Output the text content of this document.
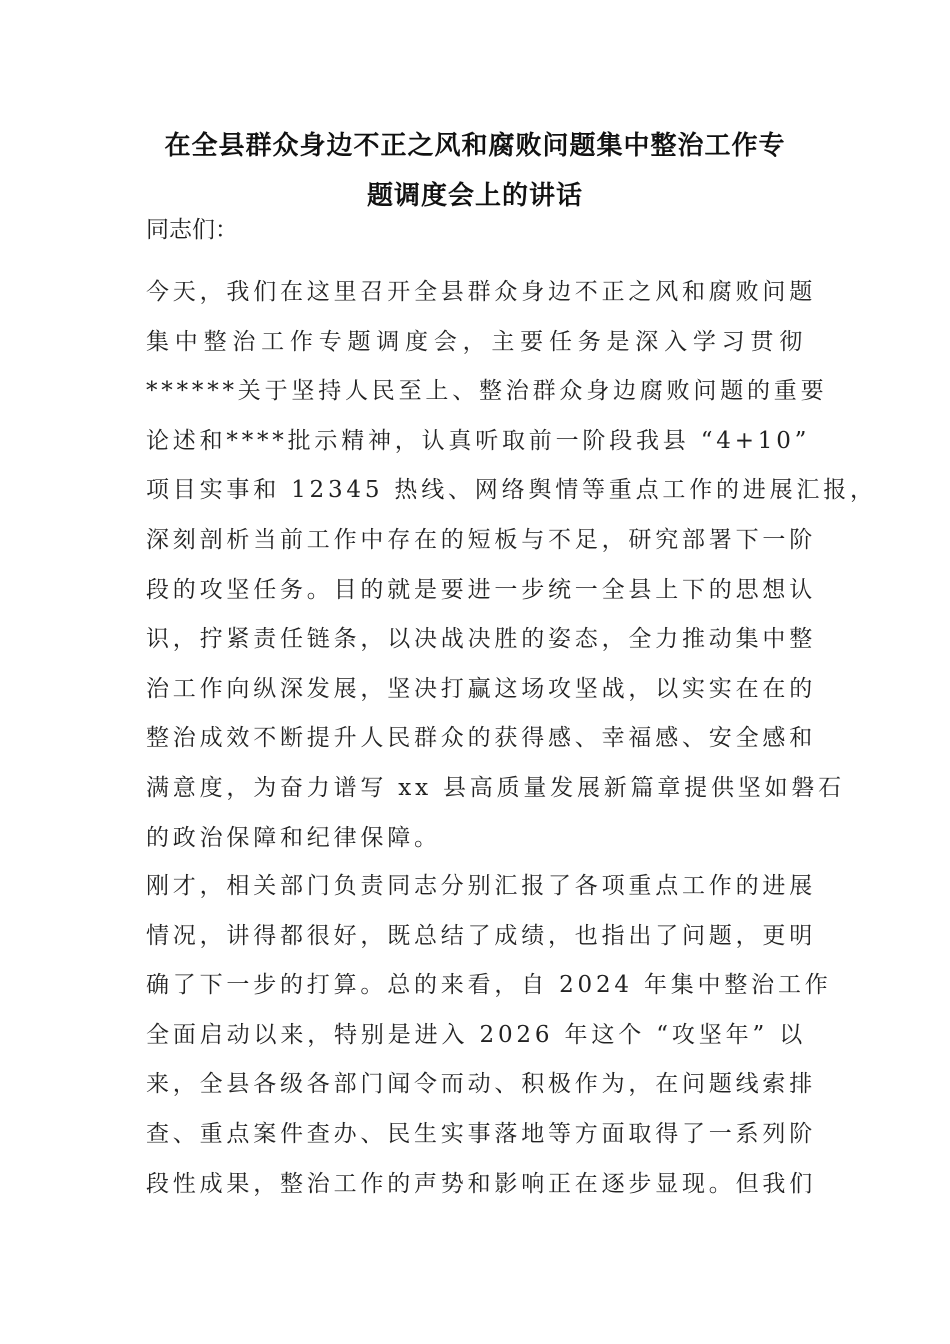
在全县群众身边不正之风和腐败问题集中整治工作专
题调度会上的讲话

同志们：

今天，我们在这里召开全县群众身边不正之风和腐败问题
集中整治工作专题调度会，主要任务是深入学习贯彻
******关于坚持人民至上、整治群众身边腐败问题的重要
论述和****批示精神，认真听取前一阶段我县 “4+10”
项目实事和 12345 热线、网络舆情等重点工作的进展汇报，
深刻剖析当前工作中存在的短板与不足，研究部署下一阶
段的攻坚任务。目的就是要进一步统一全县上下的思想认
识，拧紧责任链条，以决战决胜的姿态，全力推动集中整
治工作向纵深发展，坚决打赢这场攻坚战，以实实在在的
整治成效不断提升人民群众的获得感、幸福感、安全感和
满意度，为奋力谱写 xx 县高质量发展新篇章提供坚如磐石
的政治保障和纪律保障。
刚才，相关部门负责同志分别汇报了各项重点工作的进展
情况，讲得都很好，既总结了成绩，也指出了问题，更明
确了下一步的打算。总的来看，自 2024 年集中整治工作
全面启动以来，特别是进入 2026 年这个 “攻坚年” 以
来，全县各级各部门闻令而动、积极作为，在问题线索排
查、重点案件查办、民生实事落地等方面取得了一系列阶
段性成果，整治工作的声势和影响正在逐步显现。但我们
